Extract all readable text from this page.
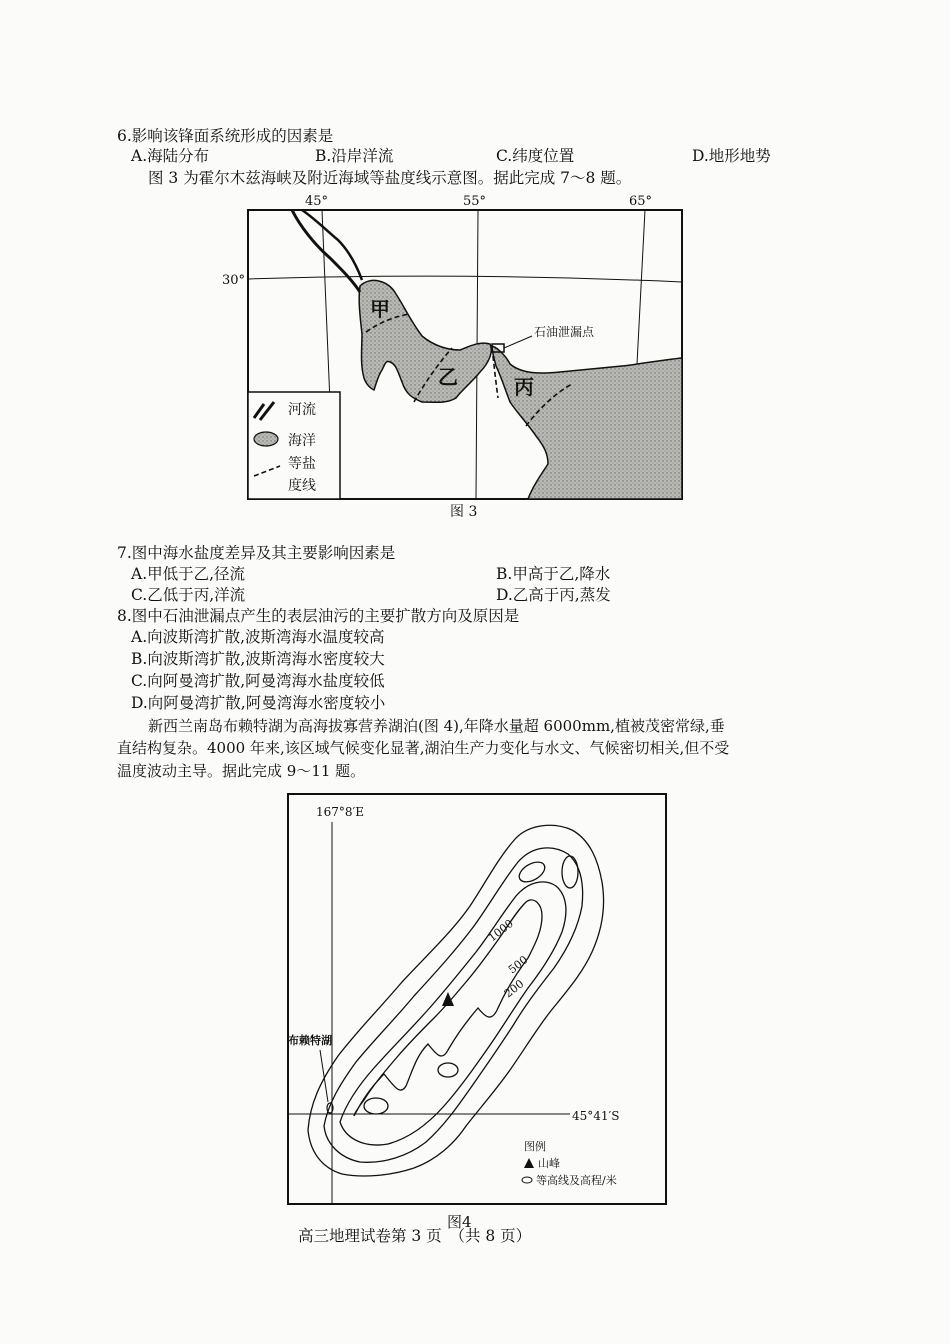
6.影响该锋面系统形成的因素是
A.海陆分布	B.沿岸洋流	C.纬度位置	D.地形地势
图 3 为霍尔木兹海峡及附近海域等盐度线示意图。据此完成 7～8 题。
45°	55°	65°
30°
甲
乙	丙
石油泄漏点
河流
海洋
等盐
度线
图 3
7.图中海水盐度差异及其主要影响因素是
A.甲低于乙,径流	B.甲高于乙,降水
C.乙低于丙,洋流	D.乙高于丙,蒸发
8.图中石油泄漏点产生的表层油污的主要扩散方向及原因是
A.向波斯湾扩散,波斯湾海水温度较高
B.向波斯湾扩散,波斯湾海水密度较大
C.向阿曼湾扩散,阿曼湾海水盐度较低
D.向阿曼湾扩散,阿曼湾海水密度较小
新西兰南岛布赖特湖为高海拔寡营养湖泊(图 4),年降水量超 6000mm,植被茂密常绿,垂
直结构复杂。4000 年来,该区域气候变化显著,湖泊生产力变化与水文、气候密切相关,但不受
温度波动主导。据此完成 9～11 题。
167°8′E
45°41′S
1000
500
200
布赖特湖
图例
山峰
等高线及高程/米
图4
高三地理试卷第 3 页　（共 8 页）
